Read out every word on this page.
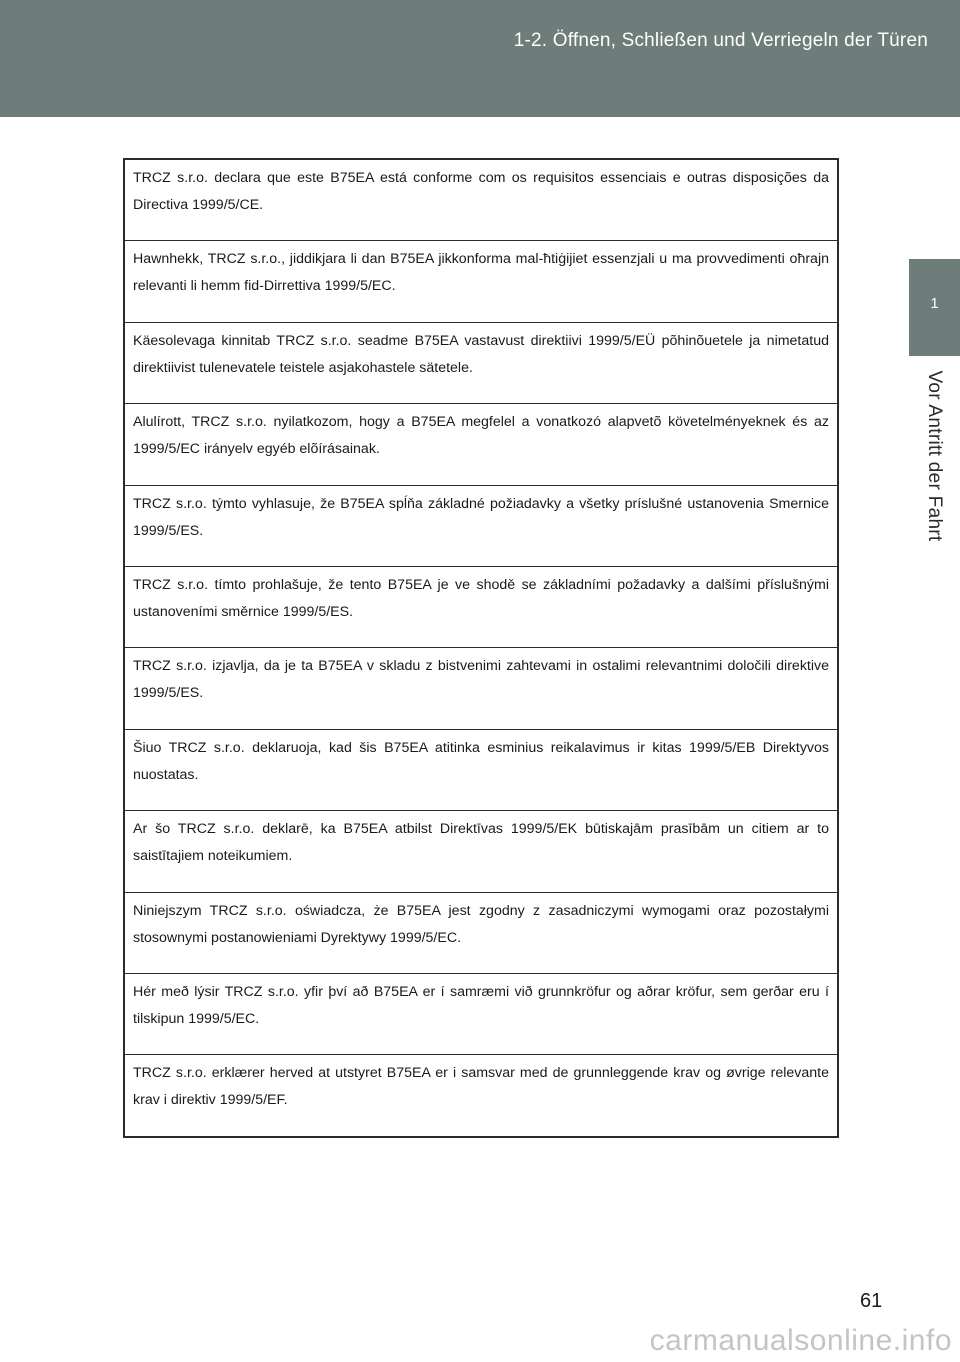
1-2. Öffnen, Schließen und Verriegeln der Türen
1
Vor Antritt der Fahrt
TRCZ s.r.o. declara que este B75EA está conforme com os requisitos essenciais e outras disposições da Directiva 1999/5/CE.
Hawnhekk, TRCZ s.r.o., jiddikjara li dan B75EA jikkonforma mal-ħtiġijiet essenzjali u ma provvedimenti oħrajn relevanti li hemm fid-Dirrettiva 1999/5/EC.
Käesolevaga kinnitab TRCZ s.r.o. seadme B75EA vastavust direktiivi 1999/5/EÜ põhinõuetele ja nimetatud direktiivist tulenevatele teistele asjakohastele sätetele.
Alulírott, TRCZ s.r.o. nyilatkozom, hogy a B75EA megfelel a vonatkozó alapvetõ követelményeknek és az 1999/5/EC irányelv egyéb elõírásainak.
TRCZ s.r.o. týmto vyhlasuje, že B75EA spĺňa základné požiadavky a všetky príslušné ustanovenia Smernice 1999/5/ES.
TRCZ s.r.o. tímto prohlašuje, že tento B75EA je ve shodě se základními požadavky a dalšími příslušnými ustanoveními směrnice 1999/5/ES.
TRCZ s.r.o. izjavlja, da je ta B75EA v skladu z bistvenimi zahtevami in ostalimi relevantnimi določili direktive 1999/5/ES.
Šiuo TRCZ s.r.o. deklaruoja, kad šis B75EA atitinka esminius reikalavimus ir kitas 1999/5/EB Direktyvos nuostatas.
Ar šo TRCZ s.r.o. deklarē, ka B75EA atbilst Direktīvas 1999/5/EK būtiskajām prasībām un citiem ar to saistītajiem noteikumiem.
Niniejszym TRCZ s.r.o. oświadcza, że B75EA jest zgodny z zasadniczymi wymogami oraz pozostałymi stosownymi postanowieniami Dyrektywy 1999/5/EC.
Hér með lýsir TRCZ s.r.o. yfir því að B75EA er í samræmi við grunnkröfur og aðrar kröfur, sem gerðar eru í tilskipun 1999/5/EC.
TRCZ s.r.o. erklærer herved at utstyret B75EA er i samsvar med de grunnleggende krav og øvrige relevante krav i direktiv 1999/5/EF.
61
carmanualsonline.info
